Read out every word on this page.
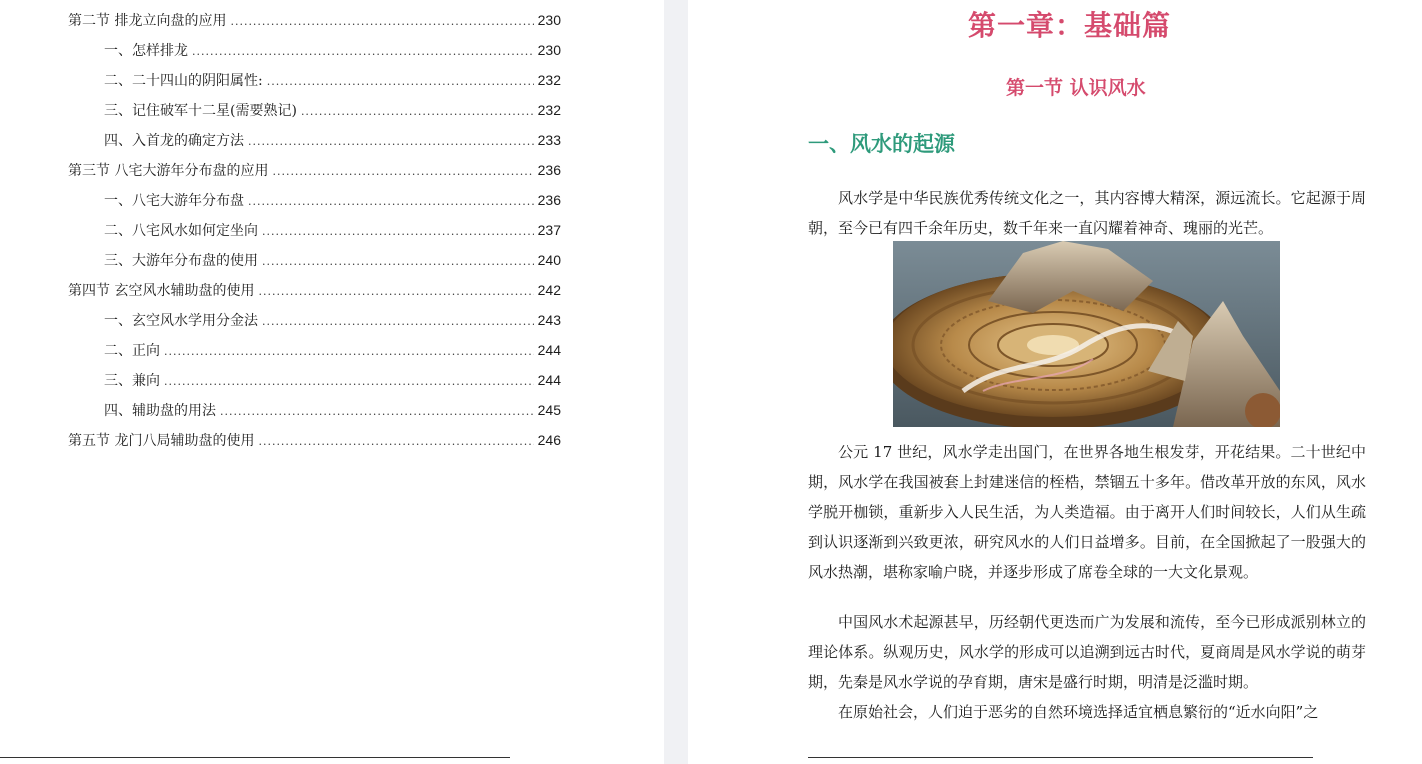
第二节 排龙立向盘的应用 .....	230
一、怎样排龙 .....	230
二、二十四山的阴阳属性: .....	232
三、记住破军十二星(需要熟记) .....	232
四、入首龙的确定方法 .....	233
第三节 八宅大游年分布盘的应用 .....	236
一、八宅大游年分布盘 .....	236
二、八宅风水如何定坐向 .....	237
三、大游年分布盘的使用 .....	240
第四节 玄空风水辅助盘的使用 .....	242
一、玄空风水学用分金法 .....	243
二、正向 .....	244
三、兼向 .....	244
四、辅助盘的用法 .....	245
第五节 龙门八局辅助盘的使用 .....	246
第一章：基础篇
第一节 认识风水
一、风水的起源

风水学是中华民族优秀传统文化之一，其内容博大精深，源远流长。它起源于周朝，至今已有四千余年历史，数千年来一直闪耀着神奇、瑰丽的光芒。

公元 17 世纪，风水学走出国门，在世界各地生根发芽，开花结果。二十世纪中期，风水学在我国被套上封建迷信的桎梏，禁锢五十多年。借改革开放的东风，风水学脱开枷锁，重新步入人民生活，为人类造福。由于离开人们时间较长，人们从生疏到认识逐渐到兴致更浓，研究风水的人们日益增多。目前，在全国掀起了一股强大的风水热潮，堪称家喻户晓，并逐步形成了席卷全球的一大文化景观。

中国风水术起源甚早，历经朝代更迭而广为发展和流传，至今已形成派别林立的理论体系。纵观历史，风水学的形成可以追溯到远古时代，夏商周是风水学说的萌芽期，先秦是风水学说的孕育期，唐宋是盛行时期，明清是泛滥时期。

在原始社会，人们迫于恶劣的自然环境选择适宜栖息繁衍的“近水向阳”之
